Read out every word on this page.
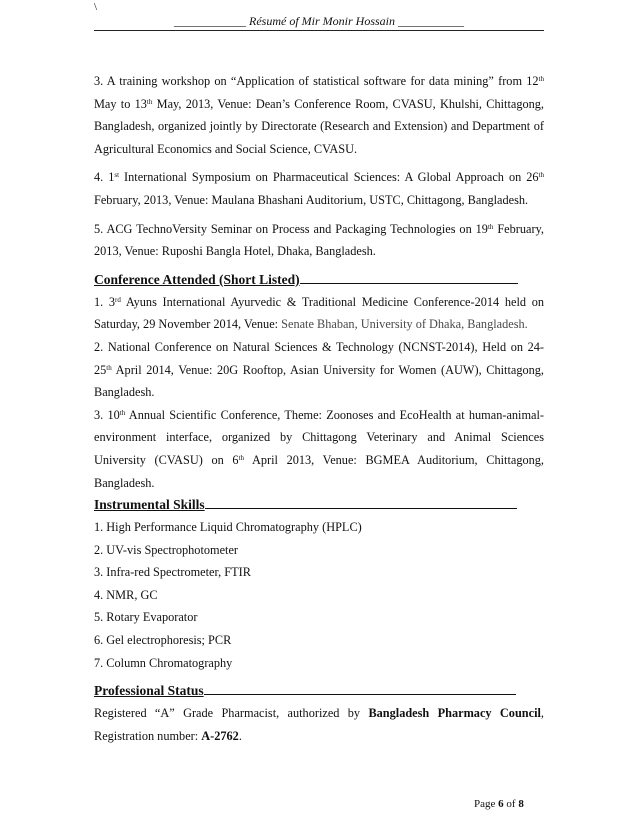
\
____________ Résumé of Mir Monir Hossain ___________

3. A training workshop on “Application of statistical software for data mining” from 12th May to 13th May, 2013, Venue: Dean’s Conference Room, CVASU, Khulshi, Chittagong, Bangladesh, organized jointly by Directorate (Research and Extension) and Department of Agricultural Economics and Social Science, CVASU.

4. 1st International Symposium on Pharmaceutical Sciences: A Global Approach on 26th February, 2013, Venue: Maulana Bhashani Auditorium, USTC, Chittagong, Bangladesh.

5. ACG TechnoVersity Seminar on Process and Packaging Technologies on 19th February, 2013, Venue: Ruposhi Bangla Hotel, Dhaka, Bangladesh.

Conference Attended (Short Listed)

1. 3rd Ayuns International Ayurvedic & Traditional Medicine Conference-2014 held on Saturday, 29 November 2014, Venue: Senate Bhaban, University of Dhaka, Bangladesh.

2. National Conference on Natural Sciences & Technology (NCNST-2014), Held on 24-25th April 2014, Venue: 20G Rooftop, Asian University for Women (AUW), Chittagong, Bangladesh.

3. 10th Annual Scientific Conference, Theme: Zoonoses and EcoHealth at human-animal-environment interface, organized by Chittagong Veterinary and Animal Sciences University (CVASU) on 6th April 2013, Venue: BGMEA Auditorium, Chittagong, Bangladesh.

Instrumental Skills

1. High Performance Liquid Chromatography (HPLC)

2. UV-vis Spectrophotometer

3. Infra-red Spectrometer, FTIR

4. NMR, GC

5. Rotary Evaporator

6. Gel electrophoresis; PCR

7. Column Chromatography

Professional Status

Registered “A” Grade Pharmacist, authorized by Bangladesh Pharmacy Council, Registration number: A-2762.

Page 6 of 8
